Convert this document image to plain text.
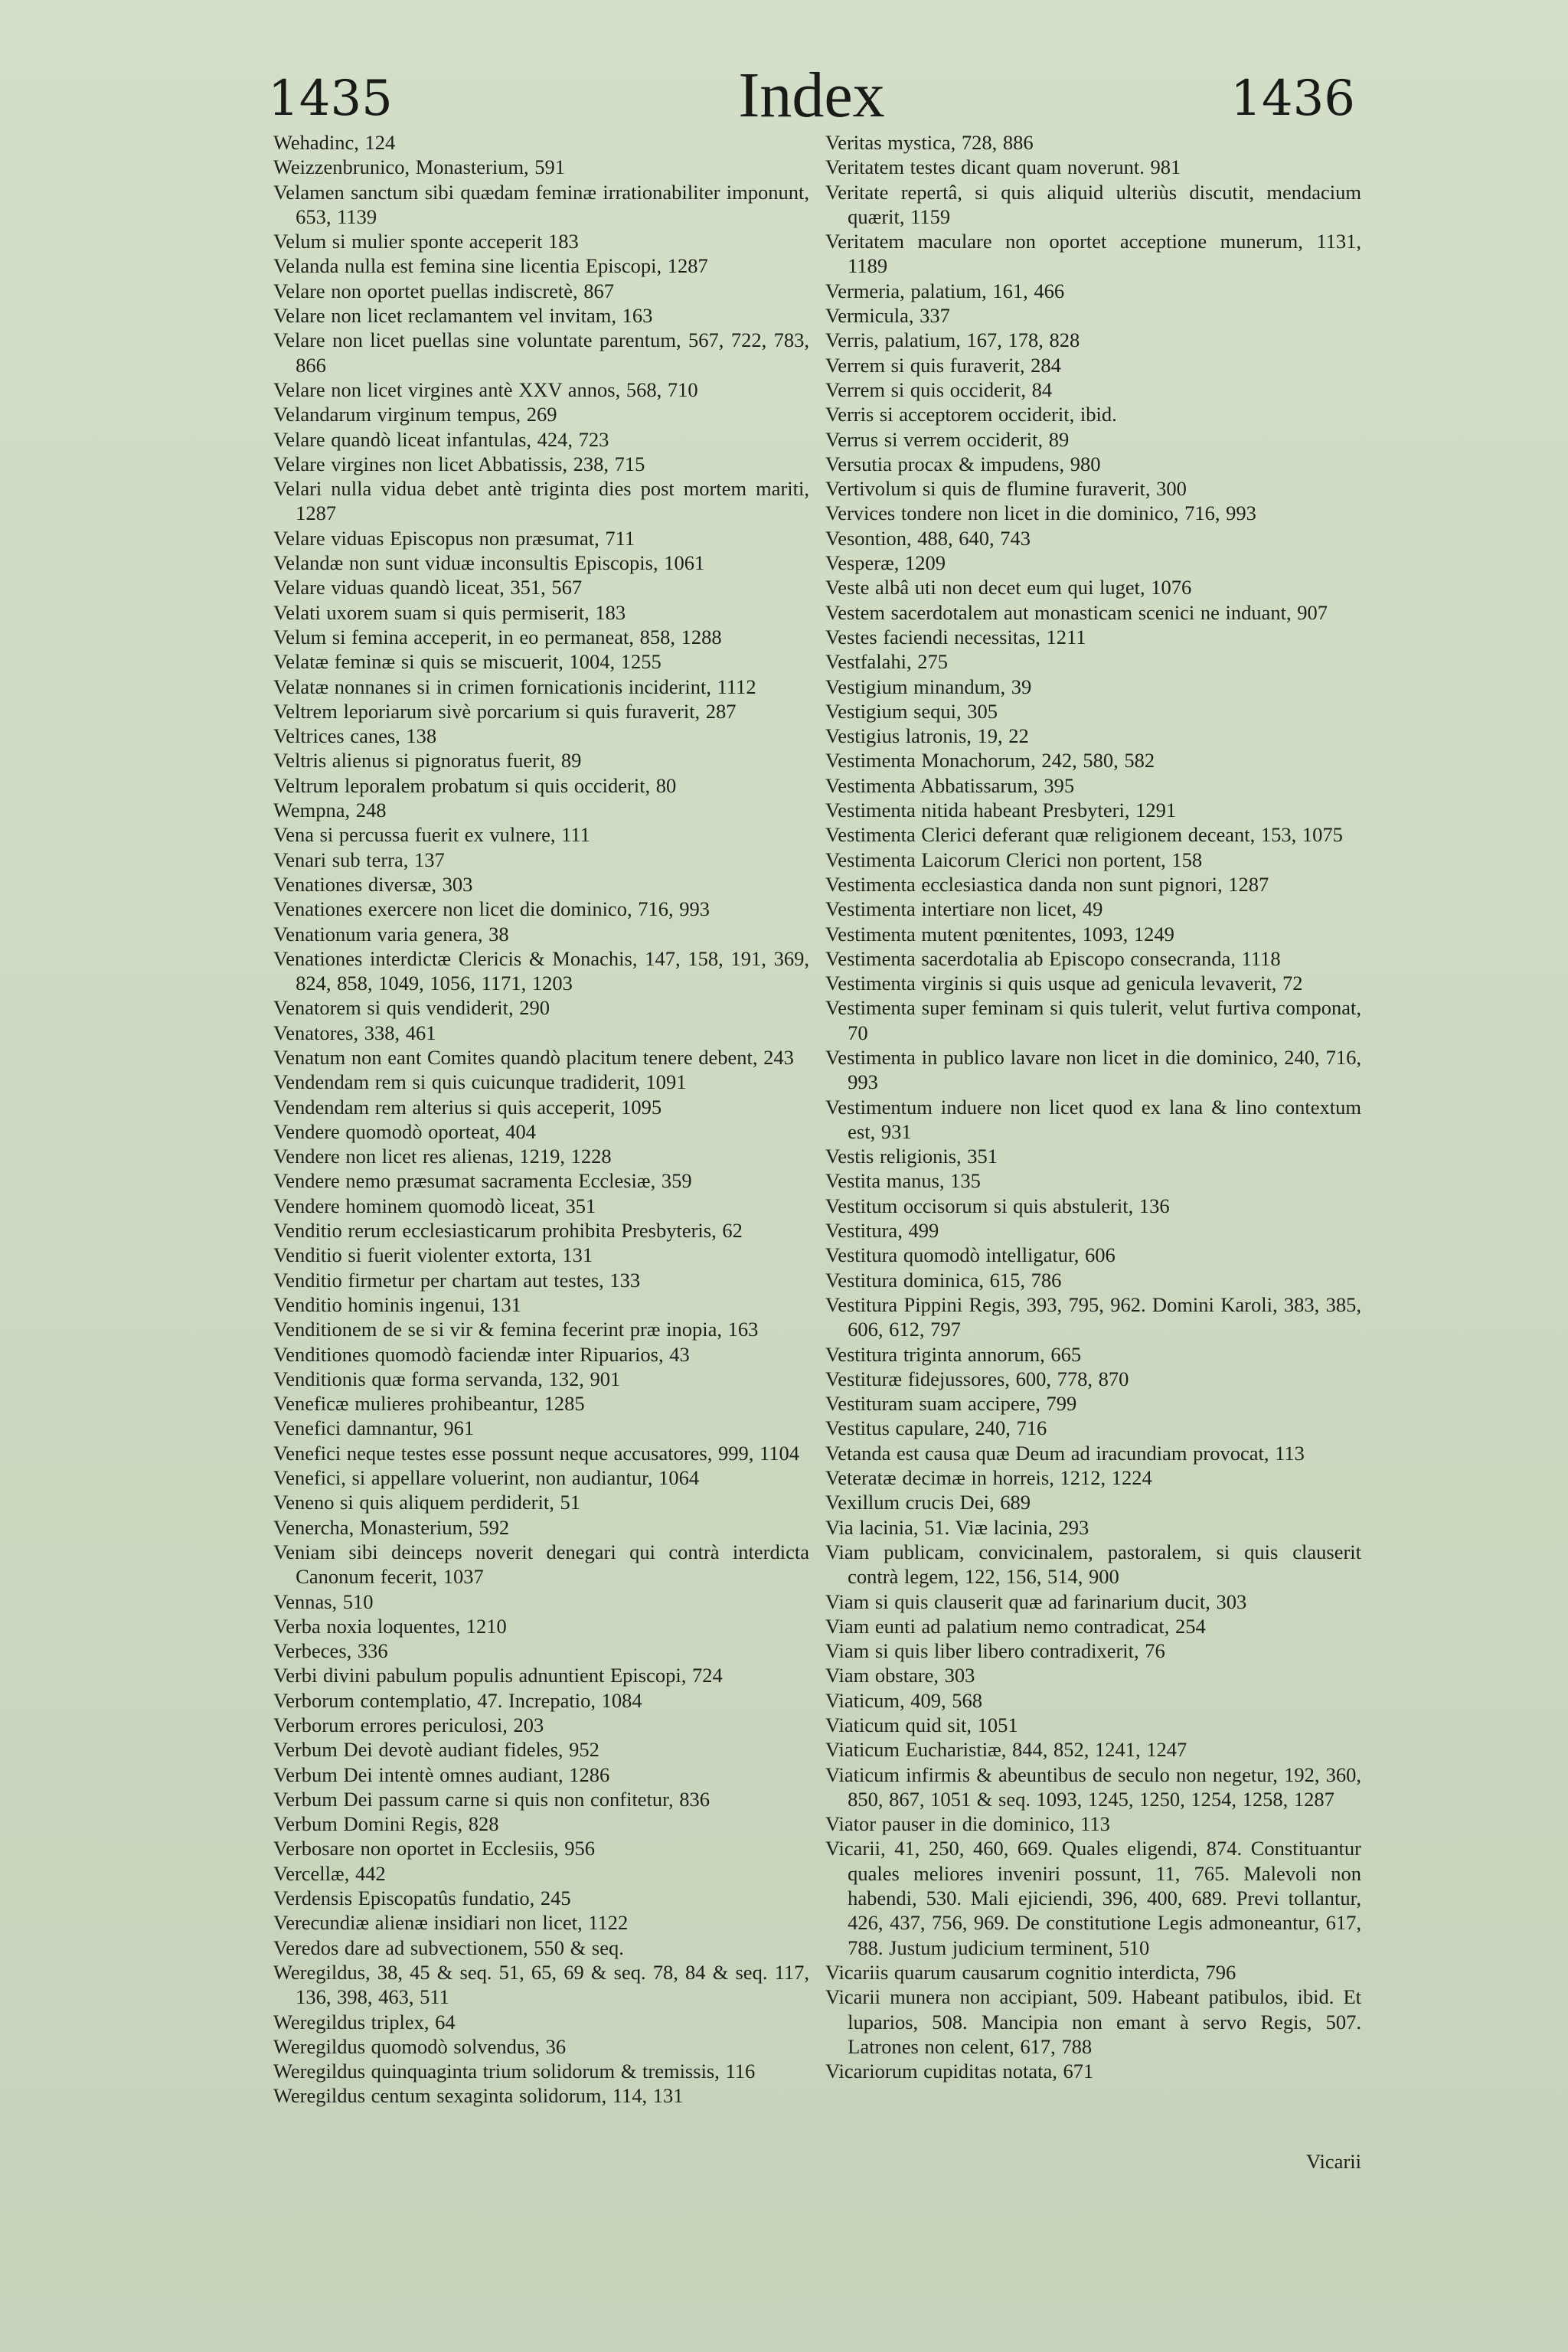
1435	Index	1436
Wehadinc, 124
Weizzenbrunico, Monasterium, 591
Velamen sanctum sibi quædam feminæ irrationabiliter imponunt, 653, 1139
Velum si mulier sponte acceperit 183
Velanda nulla est femina sine licentia Episcopi, 1287
Velare non oportet puellas indiscretè, 867
Velare non licet reclamantem vel invitam, 163
Velare non licet puellas sine voluntate parentum, 567, 722, 783, 866
Velare non licet virgines antè XXV annos, 568, 710
Velandarum virginum tempus, 269
Velare quandò liceat infantulas, 424, 723
Velare virgines non licet Abbatissis, 238, 715
Velari nulla vidua debet antè triginta dies post mortem mariti, 1287
Velare viduas Episcopus non præsumat, 711
Velandæ non sunt viduæ inconsultis Episcopis, 1061
Velare viduas quandò liceat, 351, 567
Velati uxorem suam si quis permiserit, 183
Velum si femina acceperit, in eo permaneat, 858, 1288
Velatæ feminæ si quis se miscuerit, 1004, 1255
Velatæ nonnanes si in crimen fornicationis inciderint, 1112
Veltrem leporiarum sivè porcarium si quis furaverit, 287
Veltrices canes, 138
Veltris alienus si pignoratus fuerit, 89
Veltrum leporalem probatum si quis occiderit, 80
Wempna, 248
Vena si percussa fuerit ex vulnere, 111
Venari sub terra, 137
Venationes diversæ, 303
Venationes exercere non licet die dominico, 716, 993
Venationum varia genera, 38
Venationes interdictæ Clericis & Monachis, 147, 158, 191, 369, 824, 858, 1049, 1056, 1171, 1203
Venatorem si quis vendiderit, 290
Venatores, 338, 461
Venatum non eant Comites quandò placitum tenere debent, 243
Vendendam rem si quis cuicunque tradiderit, 1091
Vendendam rem alterius si quis acceperit, 1095
Vendere quomodò oporteat, 404
Vendere non licet res alienas, 1219, 1228
Vendere nemo præsumat sacramenta Ecclesiæ, 359
Vendere hominem quomodò liceat, 351
Venditio rerum ecclesiasticarum prohibita Presbyteris, 62
Venditio si fuerit violenter extorta, 131
Venditio firmetur per chartam aut testes, 133
Venditio hominis ingenui, 131
Venditionem de se si vir & femina fecerint præ inopia, 163
Venditiones quomodò faciendæ inter Ripuarios, 43
Venditionis quæ forma servanda, 132, 901
Veneficæ mulieres prohibeantur, 1285
Venefici damnantur, 961
Venefici neque testes esse possunt neque accusatores, 999, 1104
Venefici, si appellare voluerint, non audiantur, 1064
Veneno si quis aliquem perdiderit, 51
Venercha, Monasterium, 592
Veniam sibi deinceps noverit denegari qui contrà interdicta Canonum fecerit, 1037
Vennas, 510
Verba noxia loquentes, 1210
Verbeces, 336
Verbi divini pabulum populis adnuntient Episcopi, 724
Verborum contemplatio, 47. Increpatio, 1084
Verborum errores periculosi, 203
Verbum Dei devotè audiant fideles, 952
Verbum Dei intentè omnes audiant, 1286
Verbum Dei passum carne si quis non confitetur, 836
Verbum Domini Regis, 828
Verbosare non oportet in Ecclesiis, 956
Vercellæ, 442
Verdensis Episcopatûs fundatio, 245
Verecundiæ alienæ insidiari non licet, 1122
Veredos dare ad subvectionem, 550 & seq.
Weregildus, 38, 45 & seq. 51, 65, 69 & seq. 78, 84 & seq. 117, 136, 398, 463, 511
Weregildus triplex, 64
Weregildus quomodò solvendus, 36
Weregildus quinquaginta trium solidorum & tremissis, 116
Weregildus centum sexaginta solidorum, 114, 131
Veritas mystica, 728, 886
Veritatem testes dicant quam noverunt. 981
Veritate repertâ, si quis aliquid ulteriùs discutit, mendacium quærit, 1159
Veritatem maculare non oportet acceptione munerum, 1131, 1189
Vermeria, palatium, 161, 466
Vermicula, 337
Verris, palatium, 167, 178, 828
Verrem si quis furaverit, 284
Verrem si quis occiderit, 84
Verris si acceptorem occiderit, ibid.
Verrus si verrem occiderit, 89
Versutia procax & impudens, 980
Vertivolum si quis de flumine furaverit, 300
Vervices tondere non licet in die dominico, 716, 993
Vesontion, 488, 640, 743
Vesperæ, 1209
Veste albâ uti non decet eum qui luget, 1076
Vestem sacerdotalem aut monasticam scenici ne induant, 907
Vestes faciendi necessitas, 1211
Vestfalahi, 275
Vestigium minandum, 39
Vestigium sequi, 305
Vestigius latronis, 19, 22
Vestimenta Monachorum, 242, 580, 582
Vestimenta Abbatissarum, 395
Vestimenta nitida habeant Presbyteri, 1291
Vestimenta Clerici deferant quæ religionem deceant, 153, 1075
Vestimenta Laicorum Clerici non portent, 158
Vestimenta ecclesiastica danda non sunt pignori, 1287
Vestimenta intertiare non licet, 49
Vestimenta mutent pœnitentes, 1093, 1249
Vestimenta sacerdotalia ab Episcopo consecranda, 1118
Vestimenta virginis si quis usque ad genicula levaverit, 72
Vestimenta super feminam si quis tulerit, velut furtiva componat, 70
Vestimenta in publico lavare non licet in die dominico, 240, 716, 993
Vestimentum induere non licet quod ex lana & lino contextum est, 931
Vestis religionis, 351
Vestita manus, 135
Vestitum occisorum si quis abstulerit, 136
Vestitura, 499
Vestitura quomodò intelligatur, 606
Vestitura dominica, 615, 786
Vestitura Pippini Regis, 393, 795, 962. Domini Karoli, 383, 385, 606, 612, 797
Vestitura triginta annorum, 665
Vestituræ fidejussores, 600, 778, 870
Vestituram suam accipere, 799
Vestitus capulare, 240, 716
Vetanda est causa quæ Deum ad iracundiam provocat, 113
Veteratæ decimæ in horreis, 1212, 1224
Vexillum crucis Dei, 689
Via lacinia, 51. Viæ lacinia, 293
Viam publicam, convicinalem, pastoralem, si quis clauserit contrà legem, 122, 156, 514, 900
Viam si quis clauserit quæ ad farinarium ducit, 303
Viam eunti ad palatium nemo contradicat, 254
Viam si quis liber libero contradixerit, 76
Viam obstare, 303
Viaticum, 409, 568
Viaticum quid sit, 1051
Viaticum Eucharistiæ, 844, 852, 1241, 1247
Viaticum infirmis & abeuntibus de seculo non negetur, 192, 360, 850, 867, 1051 & seq. 1093, 1245, 1250, 1254, 1258, 1287
Viator pauser in die dominico, 113
Vicarii, 41, 250, 460, 669. Quales eligendi, 874. Constituantur quales meliores inveniri possunt, 11, 765. Malevoli non habendi, 530. Mali ejiciendi, 396, 400, 689. Previ tollantur, 426, 437, 756, 969. De constitutione Legis admoneantur, 617, 788. Justum judicium terminent, 510
Vicariis quarum causarum cognitio interdicta, 796
Vicarii munera non accipiant, 509. Habeant patibulos, ibid. Et luparios, 508. Mancipia non emant à servo Regis, 507. Latrones non celent, 617, 788
Vicariorum cupiditas notata, 671
Vicarii
